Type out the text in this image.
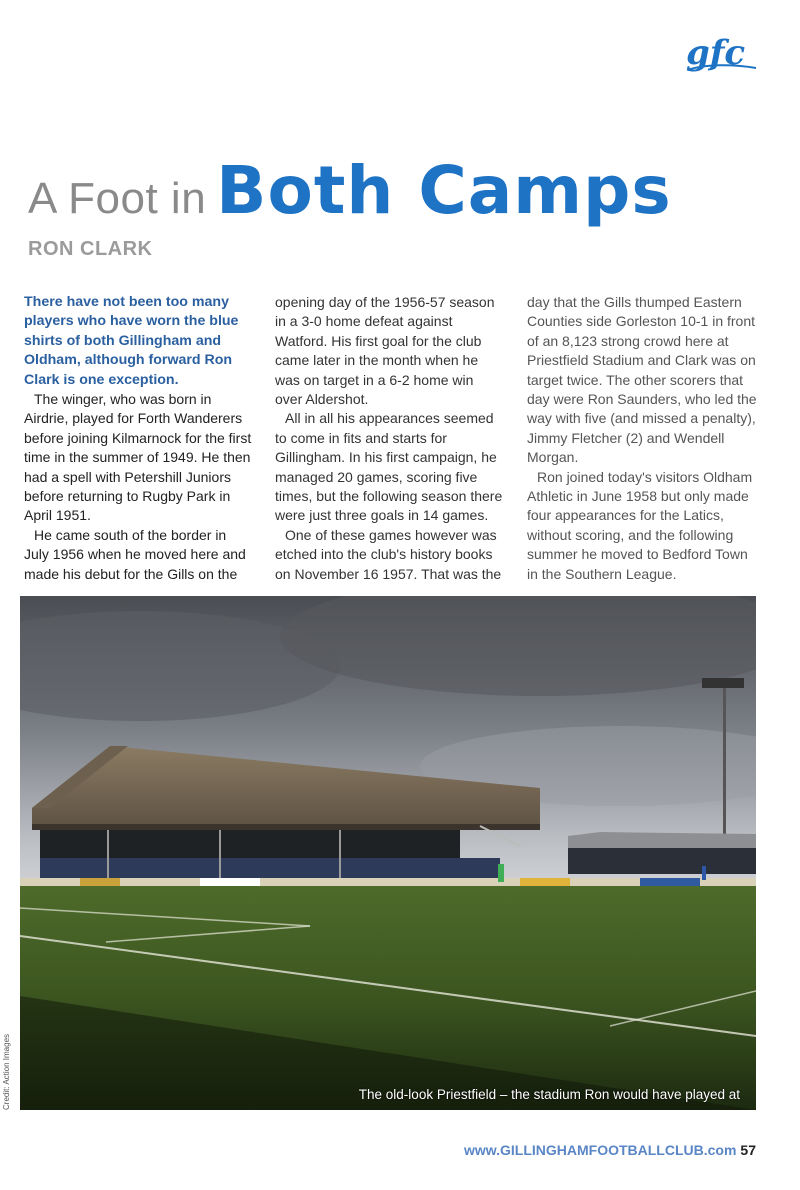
gfc
A Foot in Both Camps
RON CLARK

There have not been too many players who have worn the blue shirts of both Gillingham and Oldham, although forward Ron Clark is one exception.

The winger, who was born in Airdrie, played for Forth Wanderers before joining Kilmarnock for the first time in the summer of 1949. He then had a spell with Petershill Juniors before returning to Rugby Park in April 1951.

He came south of the border in July 1956 when he moved here and made his debut for the Gills on the

opening day of the 1956-57 season in a 3-0 home defeat against Watford. His first goal for the club came later in the month when he was on target in a 6-2 home win over Aldershot.

All in all his appearances seemed to come in fits and starts for Gillingham. In his first campaign, he managed 20 games, scoring five times, but the following season there were just three goals in 14 games.

One of these games however was etched into the club's history books on November 16 1957. That was the

day that the Gills thumped Eastern Counties side Gorleston 10-1 in front of an 8,123 strong crowd here at Priestfield Stadium and Clark was on target twice. The other scorers that day were Ron Saunders, who led the way with five (and missed a penalty), Jimmy Fletcher (2) and Wendell Morgan.

Ron joined today's visitors Oldham Athletic in June 1958 but only made four appearances for the Latics, without scoring, and the following summer he moved to Bedford Town in the Southern League.

The old-look Priestfield – the stadium Ron would have played at
Credit: Action Images
www.GILLINGHAMFOOTBALLCLUB.com 57
